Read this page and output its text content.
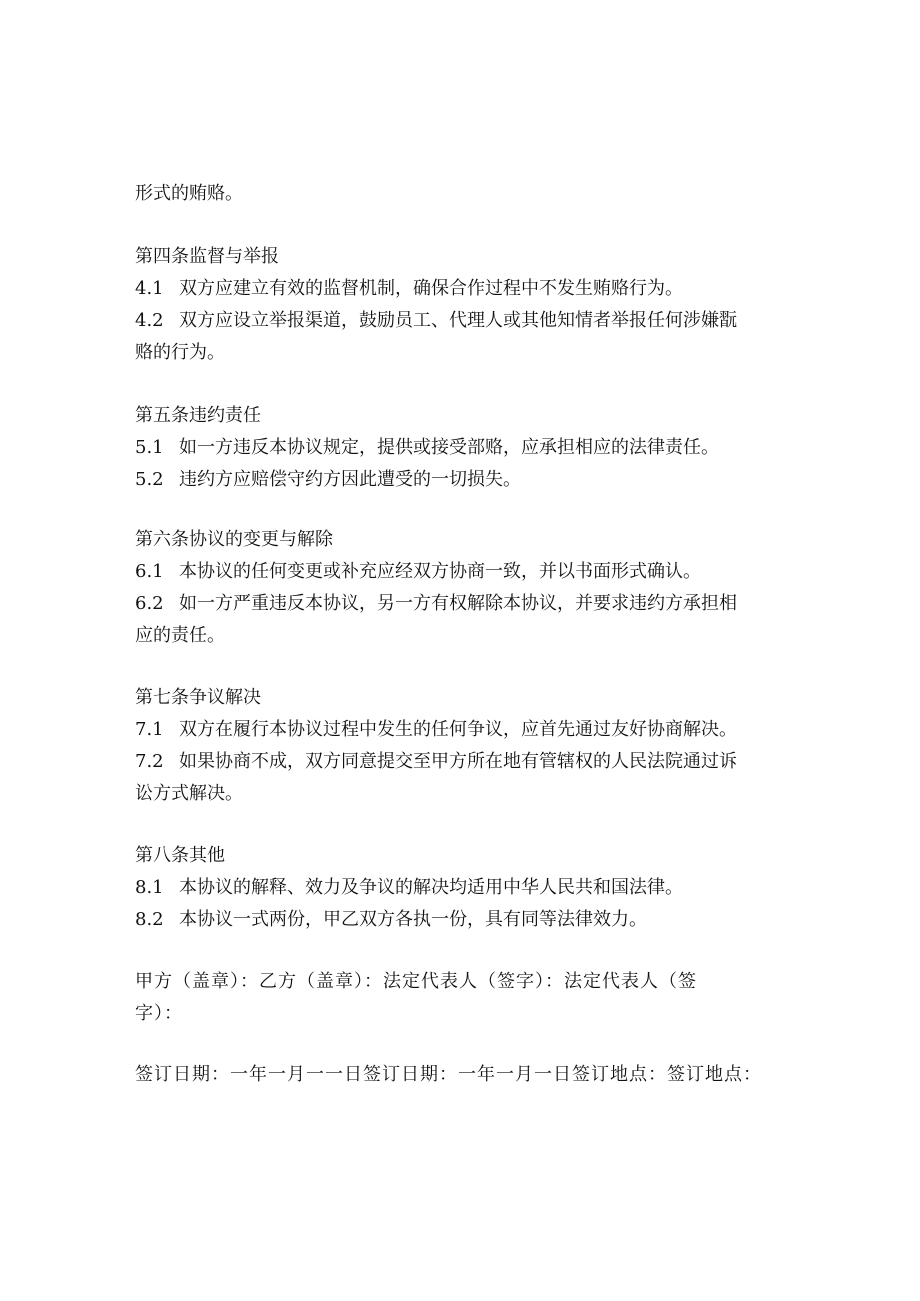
形式的贿赂。
第四条监督与举报
4.1 双方应建立有效的监督机制，确保合作过程中不发生贿赂行为。
4.2 双方应设立举报渠道，鼓励员工、代理人或其他知情者举报任何涉嫌翫
赂的行为。
第五条违约责任
5.1 如一方违反本协议规定，提供或接受部赂，应承担相应的法律责任。
5.2 违约方应赔偿守约方因此遭受的一切损失。
第六条协议的变更与解除
6.1 本协议的任何变更或补充应经双方协商一致，并以书面形式确认。
6.2 如一方严重违反本协议，另一方有权解除本协议，并要求违约方承担相
应的责任。
第七条争议解决
7.1 双方在履行本协议过程中发生的任何争议，应首先通过友好协商解决。
7.2 如果协商不成，双方同意提交至甲方所在地有管辖权的人民法院通过诉
讼方式解决。
第八条其他
8.1 本协议的解释、效力及争议的解决均适用中华人民共和国法律。
8.2 本协议一式两份，甲乙双方各执一份，具有同等法律效力。
甲方（盖章）：乙方（盖章）：法定代表人（签字）：法定代表人（签
字）：
签订日期：一年一月一一日签订日期：一年一月一日签订地点：签订地点：
